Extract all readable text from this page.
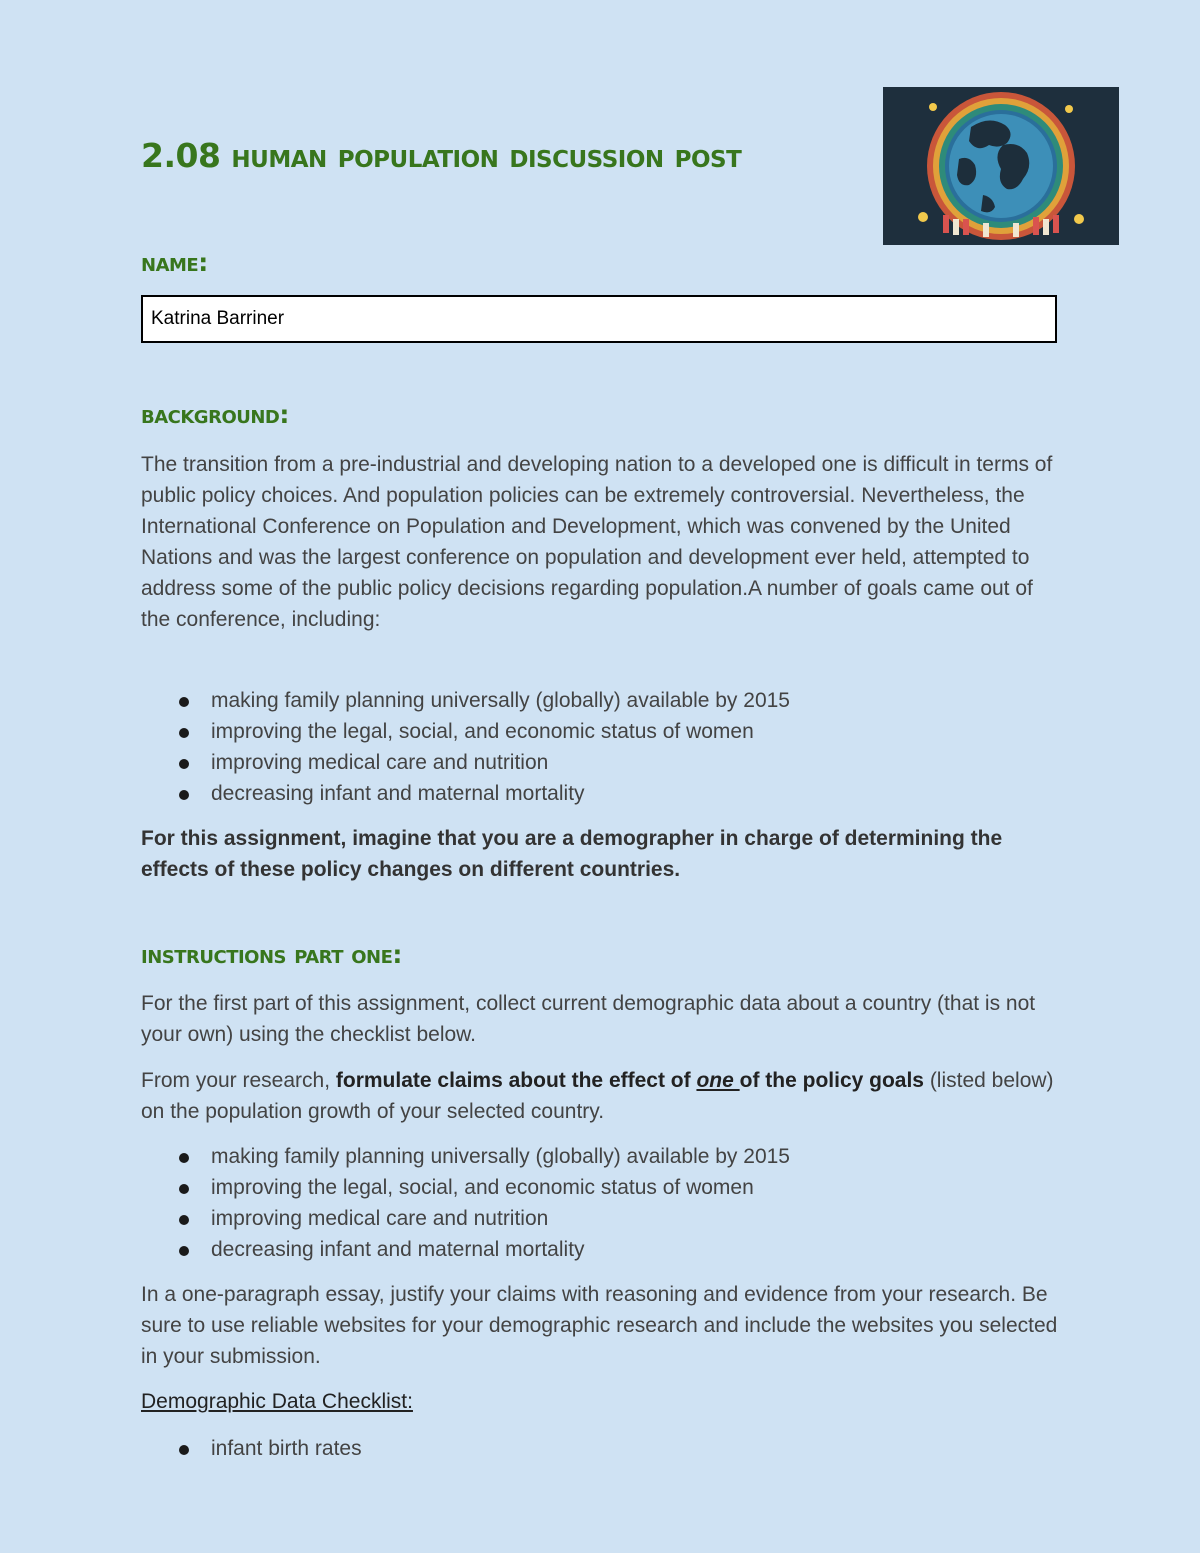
2.08 human population discussion post
name:
Katrina Barriner
background:

The transition from a pre-industrial and developing nation to a developed one is difficult in terms of public policy choices. And population policies can be extremely controversial. Nevertheless, the International Conference on Population and Development, which was convened by the United Nations and was the largest conference on population and development ever held, attempted to address some of the public policy decisions regarding population.A number of goals came out of the conference, including:

making family planning universally (globally) available by 2015
improving the legal, social, and economic status of women
improving medical care and nutrition
decreasing infant and maternal mortality

For this assignment, imagine that you are a demographer in charge of determining the effects of these policy changes on different countries.

instructions part one:

For the first part of this assignment, collect current demographic data about a country (that is not your own) using the checklist below.

From your research, formulate claims about the effect of one of the policy goals (listed below) on the population growth of your selected country.

making family planning universally (globally) available by 2015
improving the legal, social, and economic status of women
improving medical care and nutrition
decreasing infant and maternal mortality

In a one-paragraph essay, justify your claims with reasoning and evidence from your research. Be sure to use reliable websites for your demographic research and include the websites you selected in your submission.

Demographic Data Checklist:

infant birth rates
